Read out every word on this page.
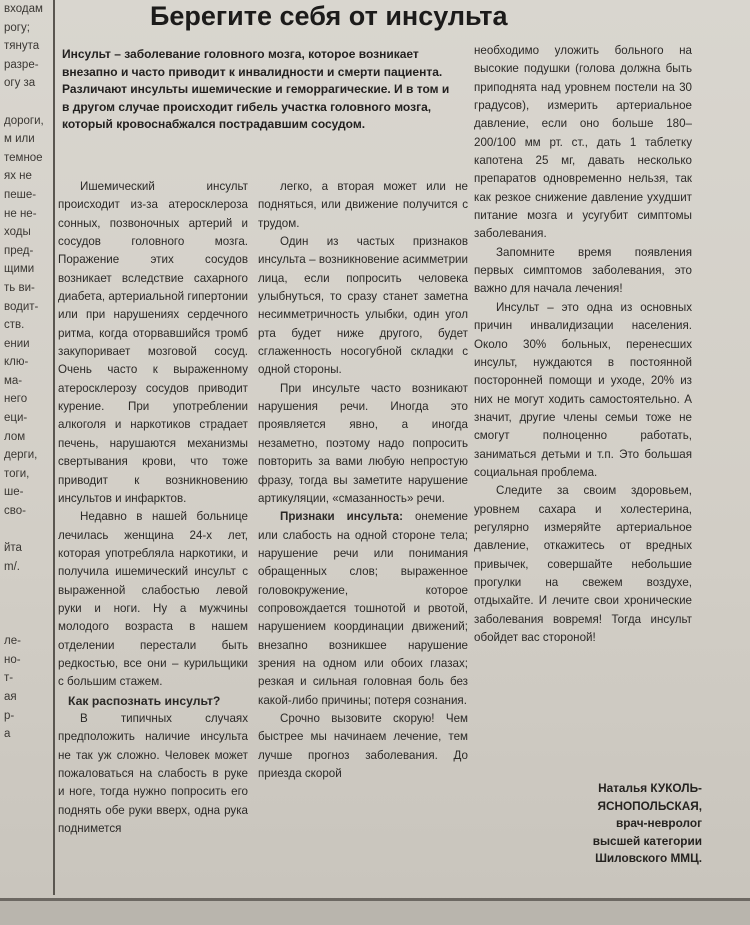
входам
рогу;
тянута
разре-
огу за

дороги,
м или
темное
ях не
пеше-
не не-
ходы
пред-
щими
ть ви-
водит-
ств.
ении
клю-
ма-
него
еци-
лом
дерги,
тоги,
ше-
сво-

йта
m/.

ле-
но-
т-
ая
р-
а

Берегите себя от инсульта
Инсульт – заболевание головного мозга, которое возникает внезапно и часто приводит к инвалидности и смерти пациента. Различают инсульты ишемические и геморрагические. И в том и в другом случае происходит гибель участка головного мозга, который кровоснабжался пострадавшим сосудом.

Ишемический инсульт происходит из-за атеросклероза сонных, позвоночных артерий и сосудов головного мозга. Поражение этих сосудов возникает вследствие сахарного диабета, артериальной гипертонии или при нарушениях сердечного ритма, когда оторвавшийся тромб закупоривает мозговой сосуд. Очень часто к выраженному атеросклерозу сосудов приводит курение. При употреблении алкоголя и наркотиков страдает печень, нарушаются механизмы свертывания крови, что тоже приводит к возникновению инсультов и инфарктов.

Недавно в нашей больнице лечилась женщина 24-х лет, которая употребляла наркотики, и получила ишемический инсульт с выраженной слабостью левой руки и ноги. Ну а мужчины молодого возраста в нашем отделении перестали быть редкостью, все они – курильщики с большим стажем.

Как распознать инсульт?

В типичных случаях предположить наличие инсульта не так уж сложно. Человек может пожаловаться на слабость в руке и ноге, тогда нужно попросить его поднять обе руки вверх, одна рука поднимется

легко, а вторая может или не подняться, или движение получится с трудом.

Один из частых признаков инсульта – возникновение асимметрии лица, если попросить человека улыбнуться, то сразу станет заметна несимметричность улыбки, один угол рта будет ниже другого, будет сглаженность носогубной складки с одной стороны.

При инсульте часто возникают нарушения речи. Иногда это проявляется явно, а иногда незаметно, поэтому надо попросить повторить за вами любую непростую фразу, тогда вы заметите нарушение артикуляции, «смазанность» речи.

Признаки инсульта: онемение или слабость на одной стороне тела; нарушение речи или понимания обращенных слов; выраженное головокружение, которое сопровождается тошнотой и рвотой, нарушением координации движений; внезапно возникшее нарушение зрения на одном или обоих глазах; резкая и сильная головная боль без какой-либо причины; потеря сознания.

Срочно вызовите скорую! Чем быстрее мы начинаем лечение, тем лучше прогноз заболевания. До приезда скорой

необходимо уложить больного на высокие подушки (голова должна быть приподнята над уровнем постели на 30 градусов), измерить артериальное давление, если оно больше 180–200/100 мм рт. ст., дать 1 таблетку капотена 25 мг, давать несколько препаратов одновременно нельзя, так как резкое снижение давление ухудшит питание мозга и усугубит симптомы заболевания.

Запомните время появления первых симптомов заболевания, это важно для начала лечения!

Инсульт – это одна из основных причин инвалидизации населения. Около 30% больных, перенесших инсульт, нуждаются в постоянной посторонней помощи и уходе, 20% из них не могут ходить самостоятельно. А значит, другие члены семьи тоже не смогут полноценно работать, заниматься детьми и т.п. Это большая социальная проблема.

Следите за своим здоровьем, уровнем сахара и холестерина, регулярно измеряйте артериальное давление, откажитесь от вредных привычек, совершайте небольшие прогулки на свежем воздухе, отдыхайте. И лечите свои хронические заболевания вовремя! Тогда инсульт обойдет вас стороной!

Наталья КУКОЛЬ-
ЯСНОПОЛЬСКАЯ,
врач-невролог
высшей категории
Шиловского ММЦ.
